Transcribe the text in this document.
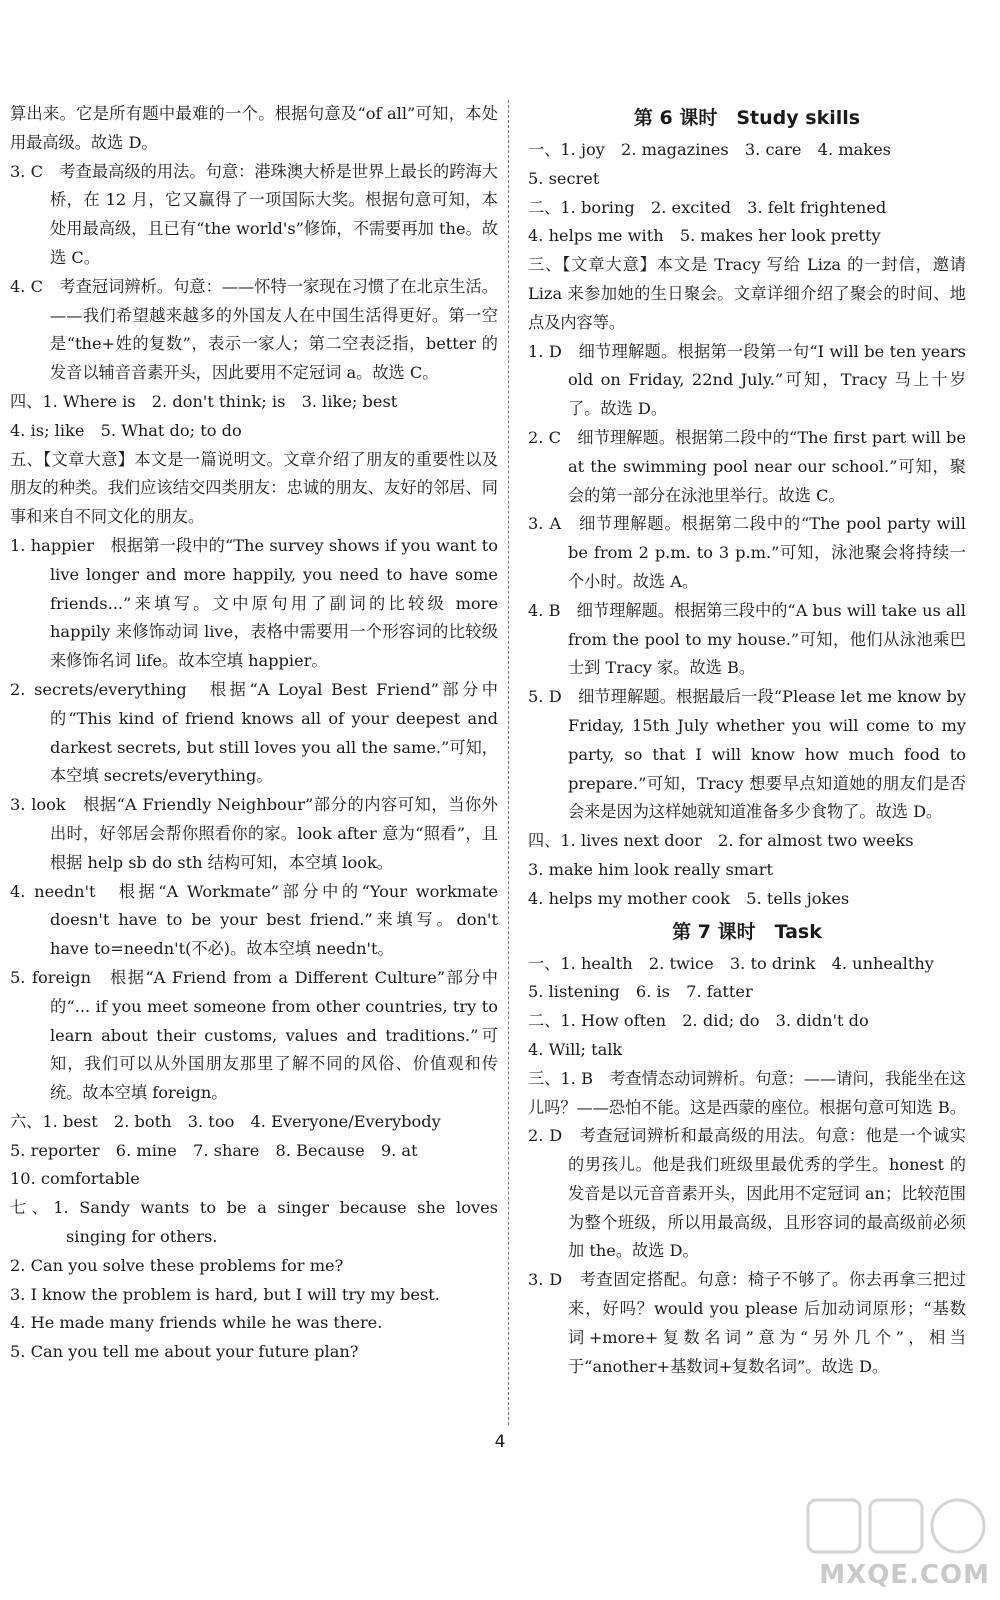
算出来。它是所有题中最难的一个。根据句意及“of all”可知，本处用最高级。故选 D。

3. C　考查最高级的用法。句意：港珠澳大桥是世界上最长的跨海大桥，在 12 月，它又赢得了一项国际大奖。根据句意可知，本处用最高级，且已有“the world's”修饰，不需要再加 the。故选 C。

4. C　考查冠词辨析。句意：——怀特一家现在习惯了在北京生活。——我们希望越来越多的外国友人在中国生活得更好。第一空是“the+姓的复数”，表示一家人；第二空表泛指，better 的发音以辅音音素开头，因此要用不定冠词 a。故选 C。

四、1. Where is　2. don't think; is　3. like; best

4. is; like　5. What do; to do

五、【文章大意】本文是一篇说明文。文章介绍了朋友的重要性以及朋友的种类。我们应该结交四类朋友：忠诚的朋友、友好的邻居、同事和来自不同文化的朋友。

1. happier　根据第一段中的“The survey shows if you want to live longer and more happily, you need to have some friends...”来填写。文中原句用了副词的比较级 more happily 来修饰动词 live，表格中需要用一个形容词的比较级来修饰名词 life。故本空填 happier。

2. secrets/everything　根据“A Loyal Best Friend”部分中的“This kind of friend knows all of your deepest and darkest secrets, but still loves you all the same.”可知，本空填 secrets/everything。

3. look　根据“A Friendly Neighbour”部分的内容可知，当你外出时，好邻居会帮你照看你的家。look after 意为“照看”，且根据 help sb do sth 结构可知，本空填 look。

4. needn't　根据“A Workmate”部分中的“Your workmate doesn't have to be your best friend.”来填写。don't have to=needn't(不必)。故本空填 needn't。

5. foreign　根据“A Friend from a Different Culture”部分中的“... if you meet someone from other countries, try to learn about their customs, values and traditions.”可知，我们可以从外国朋友那里了解不同的风俗、价值观和传统。故本空填 foreign。

六、1. best　2. both　3. too　4. Everyone/Everybody

5. reporter　6. mine　7. share　8. Because　9. at

10. comfortable

七、1. Sandy wants to be a singer because she loves singing for others.

2. Can you solve these problems for me?

3. I know the problem is hard, but I will try my best.

4. He made many friends while he was there.

5. Can you tell me about your future plan?

第 6 课时　Study skills

一、1. joy　2. magazines　3. care　4. makes

5. secret

二、1. boring　2. excited　3. felt frightened

4. helps me with　5. makes her look pretty

三、【文章大意】本文是 Tracy 写给 Liza 的一封信，邀请 Liza 来参加她的生日聚会。文章详细介绍了聚会的时间、地点及内容等。

1. D　细节理解题。根据第一段第一句“I will be ten years old on Friday, 22nd July.”可知，Tracy 马上十岁了。故选 D。

2. C　细节理解题。根据第二段中的“The first part will be at the swimming pool near our school.”可知，聚会的第一部分在泳池里举行。故选 C。

3. A　细节理解题。根据第二段中的“The pool party will be from 2 p.m. to 3 p.m.”可知，泳池聚会将持续一个小时。故选 A。

4. B　细节理解题。根据第三段中的“A bus will take us all from the pool to my house.”可知，他们从泳池乘巴士到 Tracy 家。故选 B。

5. D　细节理解题。根据最后一段“Please let me know by Friday, 15th July whether you will come to my party, so that I will know how much food to prepare.”可知，Tracy 想要早点知道她的朋友们是否会来是因为这样她就知道准备多少食物了。故选 D。

四、1. lives next door　2. for almost two weeks

3. make him look really smart

4. helps my mother cook　5. tells jokes

第 7 课时　Task

一、1. health　2. twice　3. to drink　4. unhealthy

5. listening　6. is　7. fatter

二、1. How often　2. did; do　3. didn't do

4. Will; talk

三、1. B　考查情态动词辨析。句意：——请问，我能坐在这儿吗？——恐怕不能。这是西蒙的座位。根据句意可知选 B。

2. D　考查冠词辨析和最高级的用法。句意：他是一个诚实的男孩儿。他是我们班级里最优秀的学生。honest 的发音是以元音音素开头，因此用不定冠词 an；比较范围为整个班级，所以用最高级，且形容词的最高级前必须加 the。故选 D。

3. D　考查固定搭配。句意：椅子不够了。你去再拿三把过来，好吗？would you please 后加动词原形；“基数词+more+复数名词”意为“另外几个”，相当于“another+基数词+复数名词”。故选 D。

4
MXQE.COM
